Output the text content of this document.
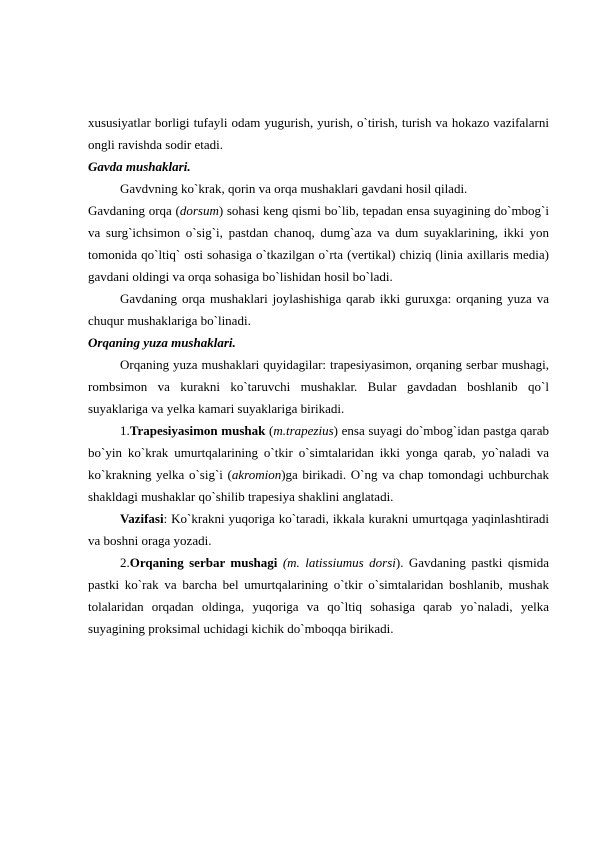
xususiyatlar borligi tufayli odam yugurish, yurish, o`tirish, turish va hokazo vazifalarni ongli ravishda sodir etadi.

Gavda mushaklari.

Gavdvning ko`krak, qorin va orqa mushaklari gavdani hosil qiladi.

Gavdaning orqa (dorsum) sohasi keng qismi bo`lib, tepadan ensa suyagining do`mbog`i va surg`ichsimon o`sig`i, pastdan chanoq, dumg`aza va dum suyaklarining, ikki yon tomonida qo`ltiq` osti sohasiga o`tkazilgan o`rta (vertikal) chiziq (linia axillaris media) gavdani oldingi va orqa sohasiga bo`lishidan hosil bo`ladi.

Gavdaning orqa mushaklari joylashishiga qarab ikki guruxga: orqaning yuza va chuqur mushaklariga bo`linadi.

Orqaning yuza mushaklari.

Orqaning yuza mushaklari quyidagilar: trapesiyasimon, orqaning serbar mushagi, rombsimon va kurakni ko`taruvchi mushaklar. Bular gavdadan boshlanib qo`l suyaklariga va yelka kamari suyaklariga birikadi.

1.Trapesiyasimon mushak (m.trapezius) ensa suyagi do`mbog`idan pastga qarab bo`yin ko`krak umurtqalarining o`tkir o`simtalaridan ikki yonga qarab, yo`naladi va ko`krakning yelka o`sig`i (akromion)ga birikadi. O`ng va chap tomondagi uchburchak shakldagi mushaklar qo`shilib trapesiya shaklini anglatadi.

Vazifasi: Ko`krakni yuqoriga ko`taradi, ikkala kurakni umurtqaga yaqinlashtiradi va boshni oraga yozadi.

2.Orqaning serbar mushagi (m. latissiumus dorsi). Gavdaning pastki qismida pastki ko`rak va barcha bel umurtqalarining o`tkir o`simtalaridan boshlanib, mushak tolalaridan orqadan oldinga, yuqoriga va qo`ltiq sohasiga qarab yo`naladi, yelka suyagining proksimal uchidagi kichik do`mboqqa birikadi.
